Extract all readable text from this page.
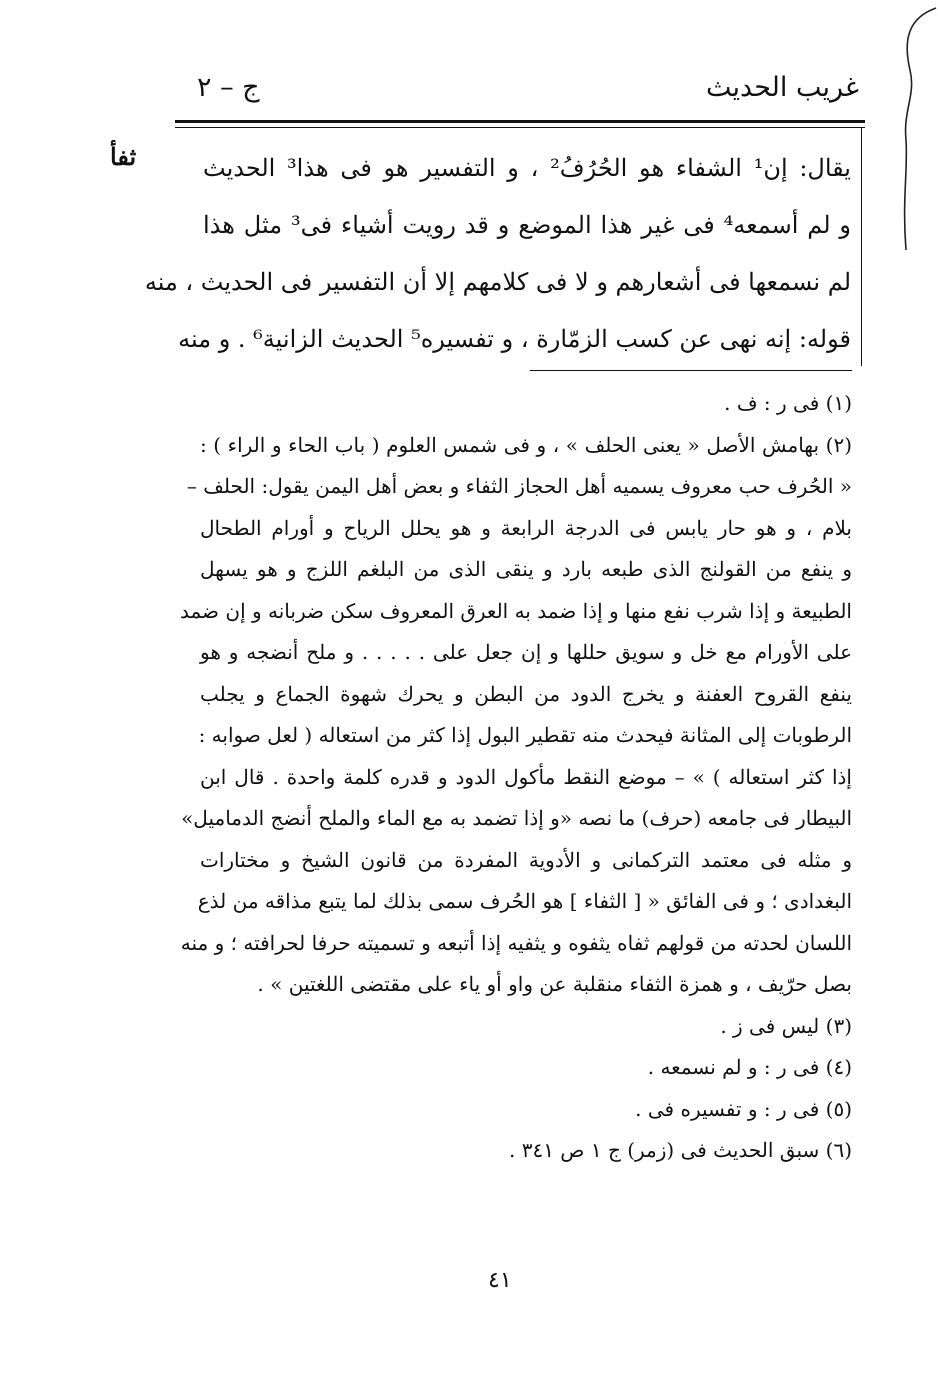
غريب الحديث
ج – ٢
ثفأ	يقال: إن¹ الشفاء هو الحُرُفُ² ، و التفسير هو فى هذا³ الحديث
و لم أسمعه⁴ فى غير هذا الموضع و قد رويت أشياء فى³ مثل هذا
لم نسمعها فى أشعارهم و لا فى كلامهم إلا أن التفسير فى الحديث ، منه
قوله: إنه نهى عن كسب الزمّارة ، و تفسيره⁵ الحديث الزانية⁶ . و منه
(١) فى ر : ف .
(٢) بهامش الأصل « يعنى الحلف » ، و فى شمس العلوم ( باب الحاء و الراء ) :
« الحُرف حب معروف يسميه أهل الحجاز الثفاء و بعض أهل اليمن يقول: الحلف –
بلام ، و هو حار يابس فى الدرجة الرابعة و هو يحلل الرياح و أورام الطحال
و ينفع من القولنج الذى طبعه بارد و ينقى الذى من البلغم اللزج و هو يسهل
الطبيعة و إذا شرب نفع منها و إذا ضمد به العرق المعروف سكن ضربانه و إن ضمد
على الأورام مع خل و سويق حللها و إن جعل على . . . . . و ملح أنضجه و هو
ينفع القروح العفنة و يخرج الدود من البطن و يحرك شهوة الجماع و يجلب
الرطوبات إلى المثانة فيحدث منه تقطير البول إذا كثر من استعاله ( لعل صوابه :
إذا كثر استعاله ) » – موضع النقط مأكول الدود و قدره كلمة واحدة . قال ابن
البيطار فى جامعه (حرف) ما نصه «و إذا تضمد به مع الماء والملح أنضج الدماميل»
و مثله فى معتمد التركمانى و الأدوية المفردة من قانون الشيخ و مختارات
البغدادى ؛ و فى الفائق « [ الثفاء ] هو الحُرف سمى بذلك لما يتبع مذاقه من لذع
اللسان لحدته من قولهم ثفاه يثفوه و يثفيه إذا أتبعه و تسميته حرفا لحرافته ؛ و منه
بصل حرّيف ، و همزة الثفاء منقلبة عن واو أو ياء على مقتضى اللغتين » .
(٣) ليس فى ز .
(٤) فى ر : و لم نسمعه .
(٥) فى ر : و تفسيره فى .
(٦) سبق الحديث فى (زمر) ج ١ ص ٣٤١ .
٤١
